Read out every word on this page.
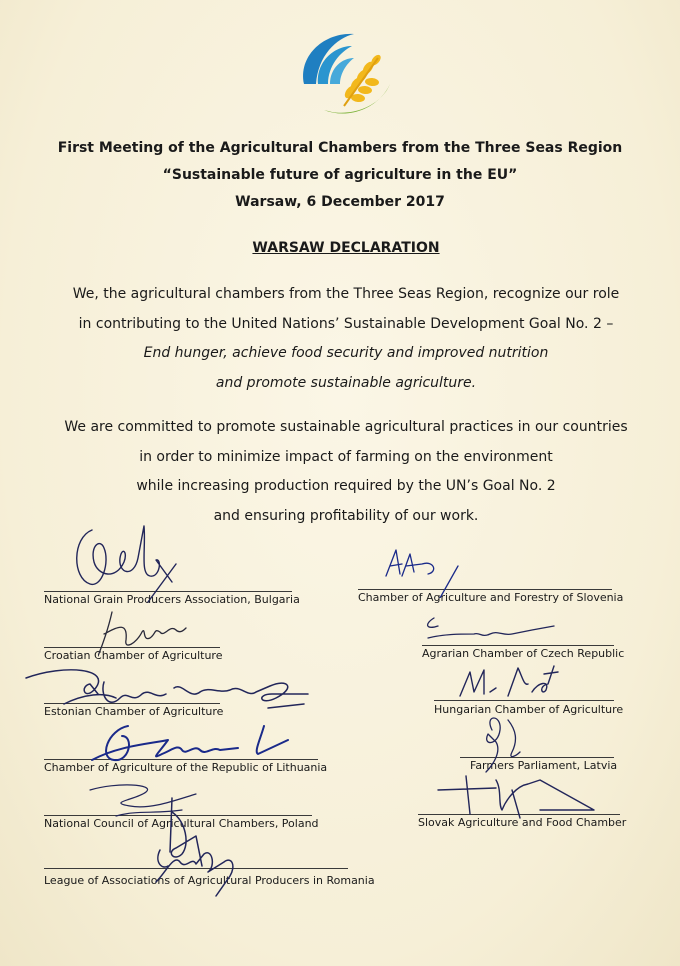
First Meeting of the Agricultural Chambers from the Three Seas Region
“Sustainable future of agriculture in the EU”
Warsaw, 6 December 2017
WARSAW DECLARATION
We, the agricultural chambers from the Three Seas Region, recognize our role
in contributing to the United Nations’ Sustainable Development Goal No. 2 –
End hunger, achieve food security and improved nutrition
and promote sustainable agriculture.
We are committed to promote sustainable agricultural practices in our countries
in order to minimize impact of farming on the environment
while increasing production required by the UN’s Goal No. 2
and ensuring profitability of our work.
National Grain Producers Association, Bulgaria
Croatian Chamber of Agriculture
Estonian Chamber of Agriculture
Chamber of Agriculture of the Republic of Lithuania
National Council of Agricultural Chambers, Poland
League of Associations of Agricultural Producers in Romania
Chamber of Agriculture and Forestry of Slovenia
Agrarian Chamber of Czech Republic
Hungarian Chamber of Agriculture
Farmers Parliament, Latvia
Slovak Agriculture and Food Chamber
